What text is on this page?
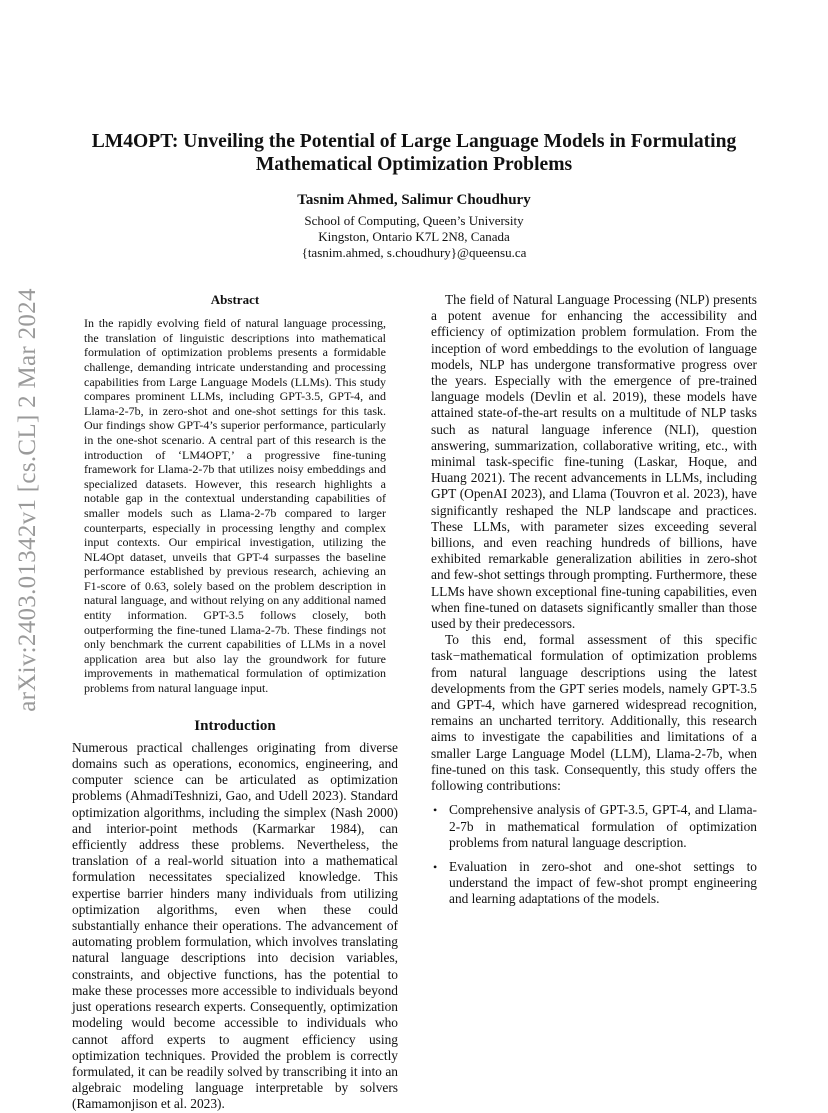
arXiv:2403.01342v1 [cs.CL] 2 Mar 2024
LM4OPT: Unveiling the Potential of Large Language Models in Formulating
Mathematical Optimization Problems
Tasnim Ahmed, Salimur Choudhury
School of Computing, Queen’s University
Kingston, Ontario K7L 2N8, Canada
{tasnim.ahmed, s.choudhury}@queensu.ca
Abstract

In the rapidly evolving field of natural language processing, the translation of linguistic descriptions into mathematical formulation of optimization problems presents a formidable challenge, demanding intricate understanding and processing capabilities from Large Language Models (LLMs). This study compares prominent LLMs, including GPT-3.5, GPT-4, and Llama-2-7b, in zero-shot and one-shot settings for this task. Our findings show GPT-4’s superior performance, particularly in the one-shot scenario. A central part of this research is the introduction of ‘LM4OPT,’ a progressive fine-tuning framework for Llama-2-7b that utilizes noisy embeddings and specialized datasets. However, this research highlights a notable gap in the contextual understanding capabilities of smaller models such as Llama-2-7b compared to larger counterparts, especially in processing lengthy and complex input contexts. Our empirical investigation, utilizing the NL4Opt dataset, unveils that GPT-4 surpasses the baseline performance established by previous research, achieving an F1-score of 0.63, solely based on the problem description in natural language, and without relying on any additional named entity information. GPT-3.5 follows closely, both outperforming the fine-tuned Llama-2-7b. These findings not only benchmark the current capabilities of LLMs in a novel application area but also lay the groundwork for future improvements in mathematical formulation of optimization problems from natural language input.

Introduction

Numerous practical challenges originating from diverse domains such as operations, economics, engineering, and computer science can be articulated as optimization problems (AhmadiTeshnizi, Gao, and Udell 2023). Standard optimization algorithms, including the simplex (Nash 2000) and interior-point methods (Karmarkar 1984), can efficiently address these problems. Nevertheless, the translation of a real-world situation into a mathematical formulation necessitates specialized knowledge. This expertise barrier hinders many individuals from utilizing optimization algorithms, even when these could substantially enhance their operations. The advancement of automating problem formulation, which involves translating natural language descriptions into decision variables, constraints, and objective functions, has the potential to make these processes more accessible to individuals beyond just operations research experts. Consequently, optimization modeling would become accessible to individuals who cannot afford experts to augment efficiency using optimization techniques. Provided the problem is correctly formulated, it can be readily solved by transcribing it into an algebraic modeling language interpretable by solvers (Ramamonjison et al. 2023).

The field of Natural Language Processing (NLP) presents a potent avenue for enhancing the accessibility and efficiency of optimization problem formulation. From the inception of word embeddings to the evolution of language models, NLP has undergone transformative progress over the years. Especially with the emergence of pre-trained language models (Devlin et al. 2019), these models have attained state-of-the-art results on a multitude of NLP tasks such as natural language inference (NLI), question answering, summarization, collaborative writing, etc., with minimal task-specific fine-tuning (Laskar, Hoque, and Huang 2021). The recent advancements in LLMs, including GPT (OpenAI 2023), and Llama (Touvron et al. 2023), have significantly reshaped the NLP landscape and practices. These LLMs, with parameter sizes exceeding several billions, and even reaching hundreds of billions, have exhibited remarkable generalization abilities in zero-shot and few-shot settings through prompting. Furthermore, these LLMs have shown exceptional fine-tuning capabilities, even when fine-tuned on datasets significantly smaller than those used by their predecessors.

To this end, formal assessment of this specific task−mathematical formulation of optimization problems from natural language descriptions using the latest developments from the GPT series models, namely GPT-3.5 and GPT-4, which have garnered widespread recognition, remains an uncharted territory. Additionally, this research aims to investigate the capabilities and limitations of a smaller Large Language Model (LLM), Llama-2-7b, when fine-tuned on this task. Consequently, this study offers the following contributions:

• Comprehensive analysis of GPT-3.5, GPT-4, and Llama-2-7b in mathematical formulation of optimization problems from natural language description.
• Evaluation in zero-shot and one-shot settings to understand the impact of few-shot prompt engineering and learning adaptations of the models.
